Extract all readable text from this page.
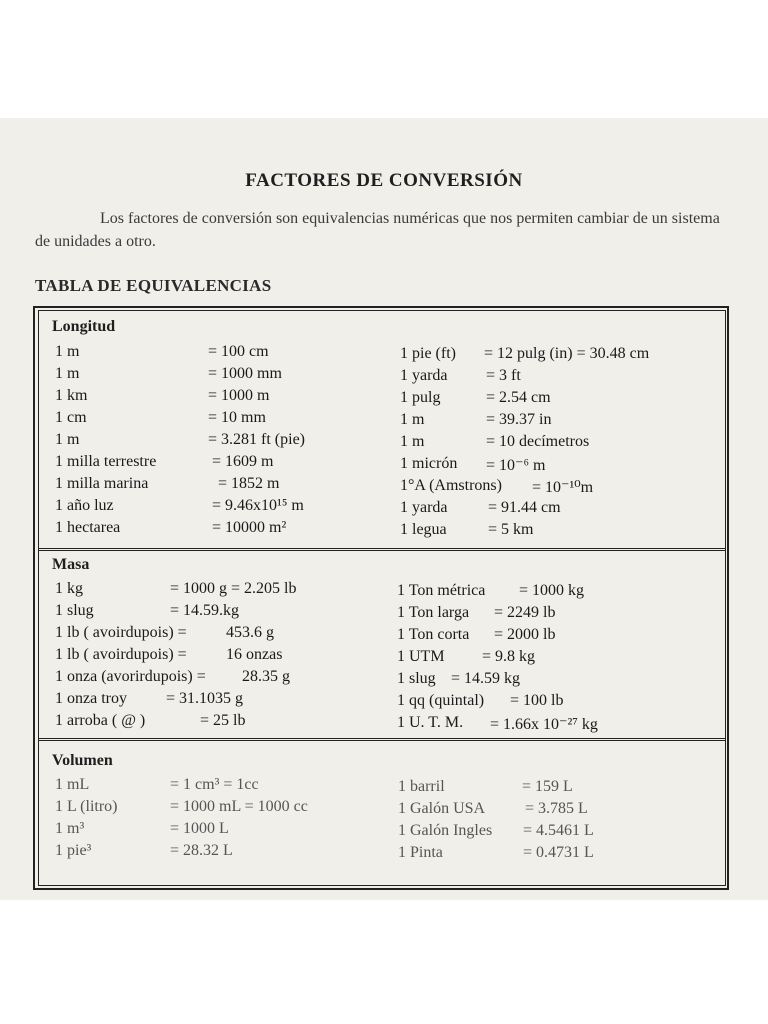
FACTORES DE CONVERSIÓN
Los factores de conversión son equivalencias numéricas que nos permiten cambiar de un sistema de unidades a otro.
TABLA DE EQUIVALENCIAS
Longitud
Masa
Volumen
1 m	= 100 cm
1 m	= 1000 mm
1 km	= 1000 m
1 cm	= 10 mm
1 m	= 3.281 ft (pie)
1 milla terrestre	= 1609 m
1 milla marina	= 1852 m
1 año luz	= 9.46x10¹⁵ m
1 hectarea	= 10000 m²
1 pie (ft) = 12 pulg (in) = 30.48 cm
1 yarda = 3 ft
1 pulg	= 2.54 cm
1 m	= 39.37 in
1 m	= 10 decímetros
1 micrón = 10⁻⁶ m
1°A (Amstrons) = 10⁻¹⁰m
1 yarda	= 91.44 cm
1 legua	= 5 km
1 kg	= 1000 g = 2.205 lb
1 slug	= 14.59.kg
1 lb ( avoirdupois) = 453.6 g
1 lb ( avoirdupois) = 16 onzas
1 onza (avorirdupois) = 28.35 g
1 onza troy = 31.1035 g
1 arroba ( @ )	= 25 lb
1 Ton métrica = 1000 kg
1 Ton larga = 2249 lb
1 Ton corta = 2000 lb
1 UTM = 9.8 kg
1 slug = 14.59 kg
1 qq (quintal) = 100 lb
1 U. T. M. = 1.66x 10⁻²⁷ kg
1 mL	= 1 cm³ = 1cc
1 L (litro)	= 1000 mL = 1000 cc
1 m³	= 1000 L
1 pie³	= 28.32 L
1 barril	= 159 L
1 Galón USA = 3.785 L
1 Galón Ingles = 4.5461 L
1 Pinta	= 0.4731 L
